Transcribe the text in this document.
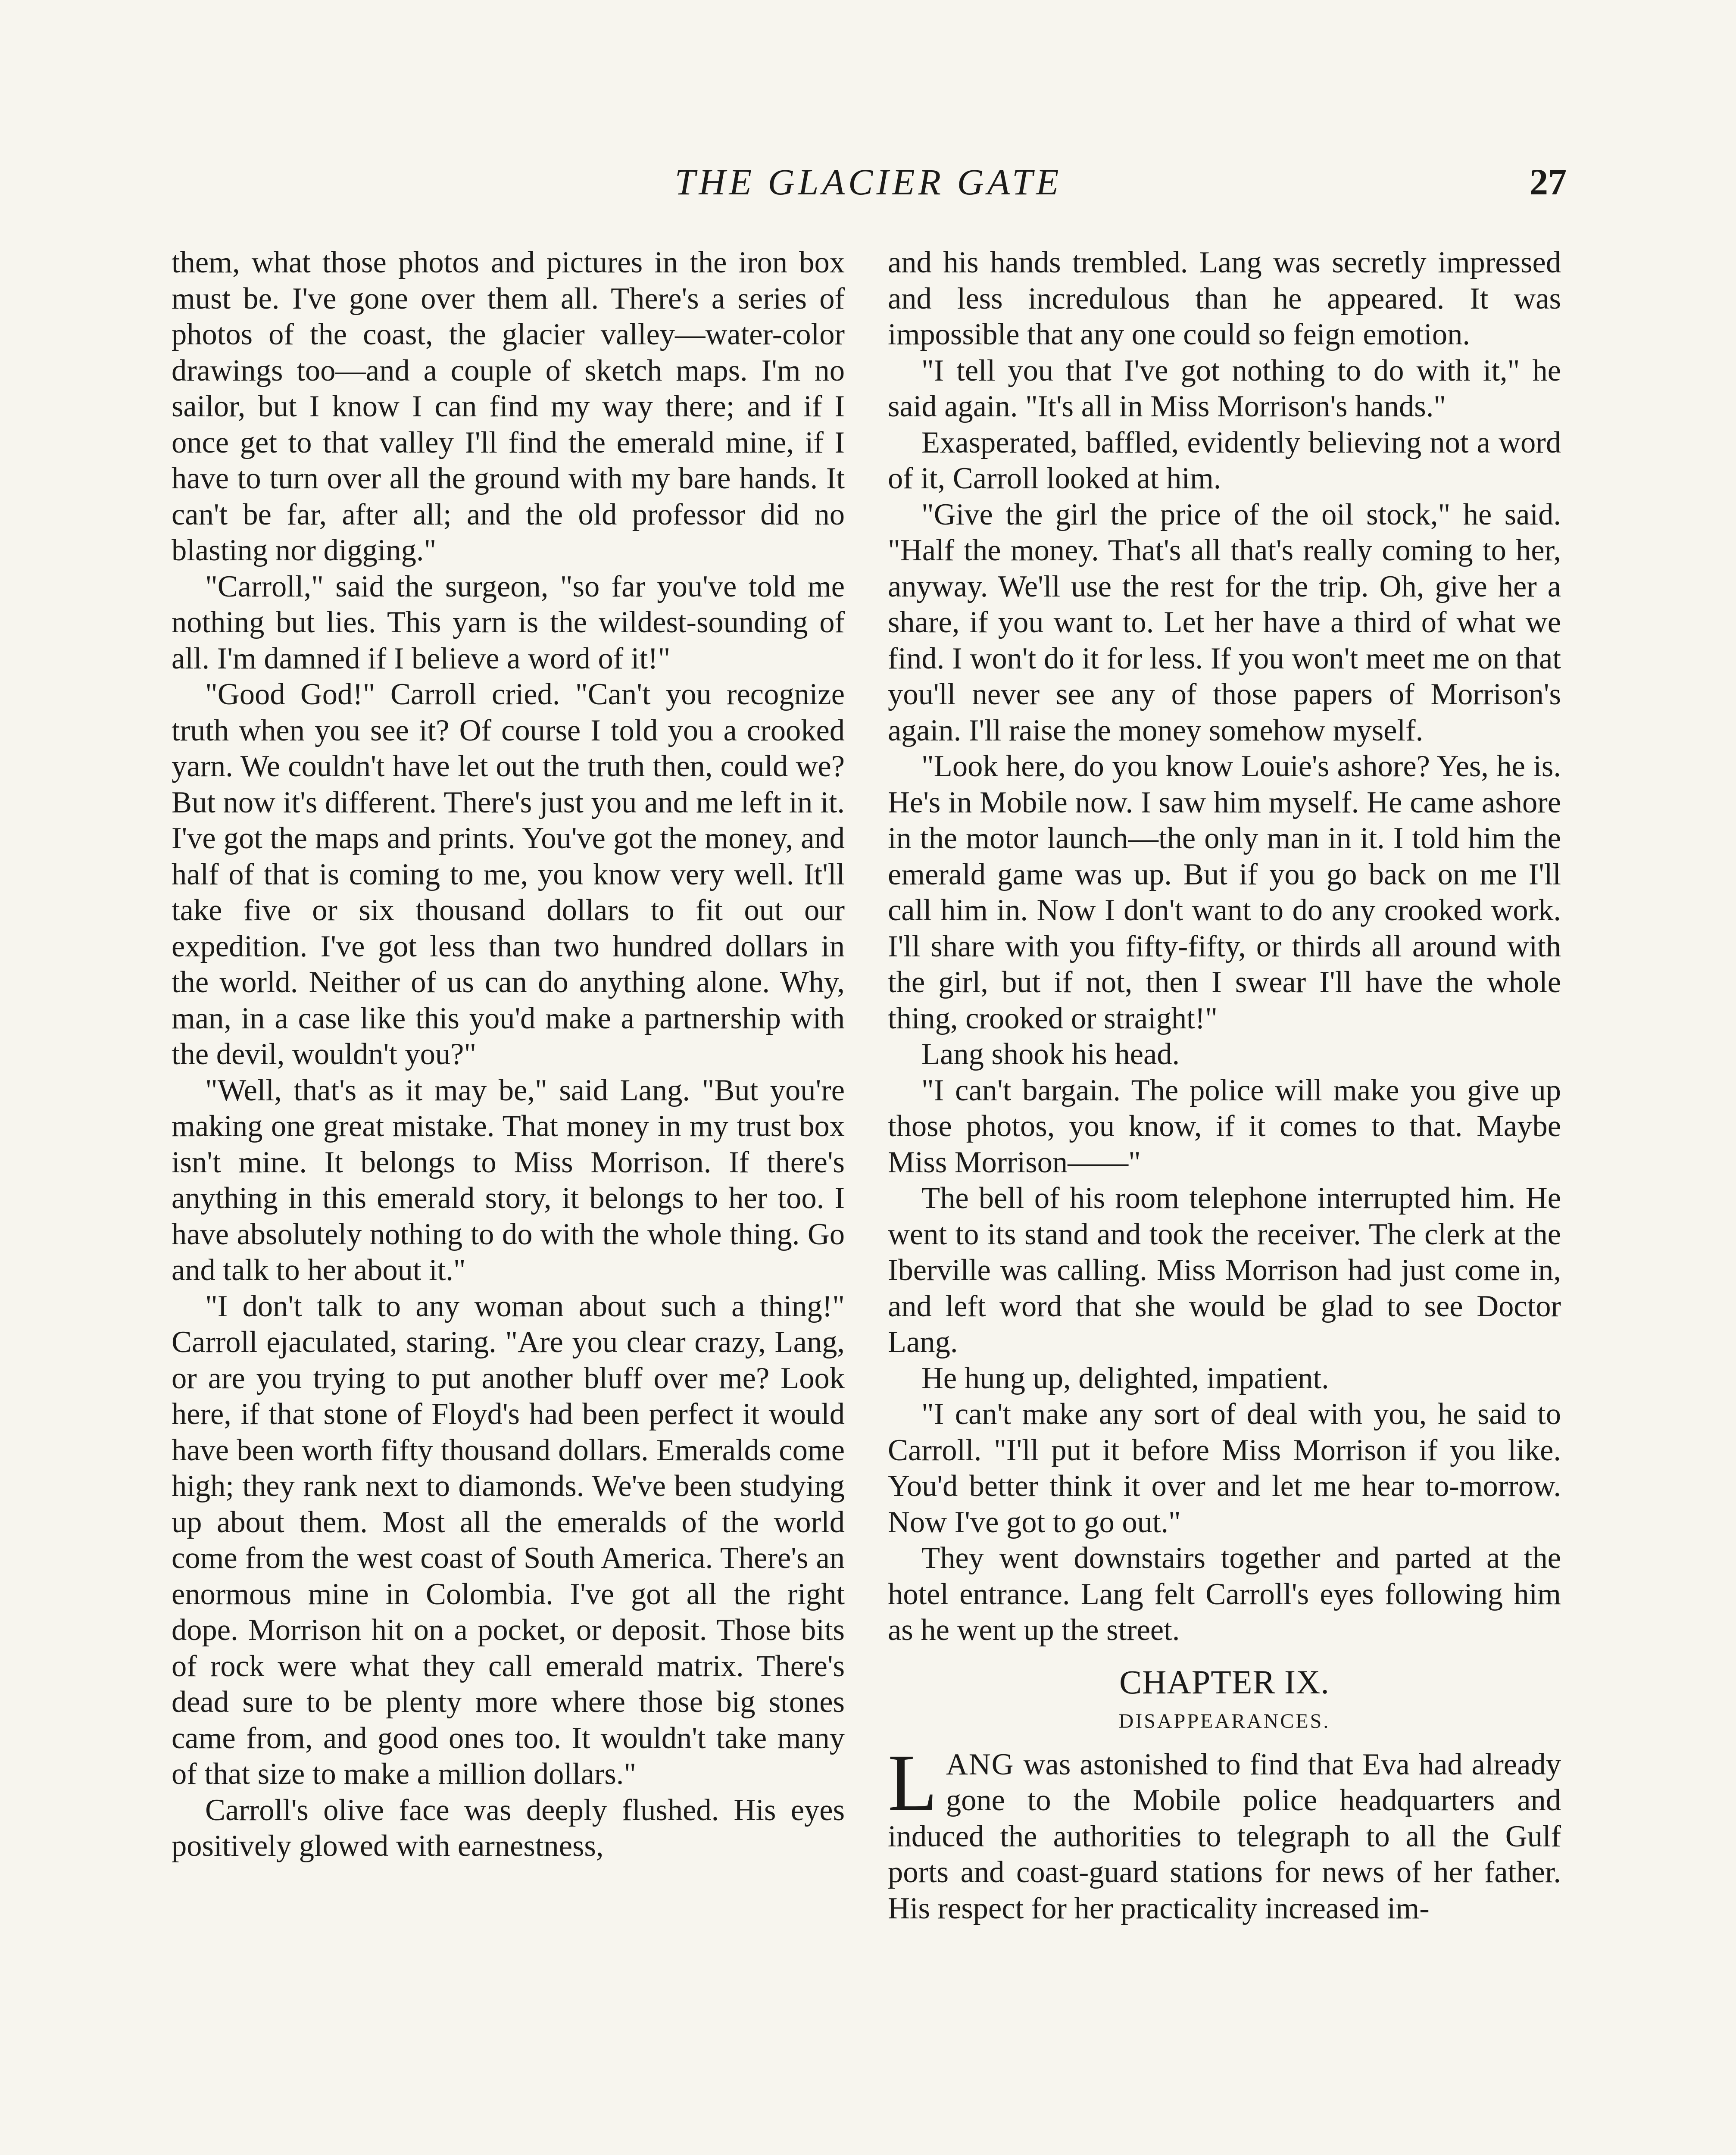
THE GLACIER GATE	27

them, what those photos and pictures in the iron box must be. I've gone over them all. There's a series of photos of the coast, the glacier valley—water-color drawings too—and a couple of sketch maps. I'm no sailor, but I know I can find my way there; and if I once get to that valley I'll find the emerald mine, if I have to turn over all the ground with my bare hands. It can't be far, after all; and the old professor did no blasting nor digging."

"Carroll," said the surgeon, "so far you've told me nothing but lies. This yarn is the wildest-sounding of all. I'm damned if I believe a word of it!"

"Good God!" Carroll cried. "Can't you recognize truth when you see it? Of course I told you a crooked yarn. We couldn't have let out the truth then, could we? But now it's different. There's just you and me left in it. I've got the maps and prints. You've got the money, and half of that is coming to me, you know very well. It'll take five or six thousand dollars to fit out our expedition. I've got less than two hundred dollars in the world. Neither of us can do anything alone. Why, man, in a case like this you'd make a partnership with the devil, wouldn't you?"

"Well, that's as it may be," said Lang. "But you're making one great mistake. That money in my trust box isn't mine. It belongs to Miss Morrison. If there's anything in this emerald story, it belongs to her too. I have absolutely nothing to do with the whole thing. Go and talk to her about it."

"I don't talk to any woman about such a thing!" Carroll ejaculated, staring. "Are you clear crazy, Lang, or are you trying to put another bluff over me? Look here, if that stone of Floyd's had been perfect it would have been worth fifty thousand dollars. Emeralds come high; they rank next to diamonds. We've been studying up about them. Most all the emeralds of the world come from the west coast of South America. There's an enormous mine in Colombia. I've got all the right dope. Morrison hit on a pocket, or deposit. Those bits of rock were what they call emerald matrix. There's dead sure to be plenty more where those big stones came from, and good ones too. It wouldn't take many of that size to make a million dollars."

Carroll's olive face was deeply flushed. His eyes positively glowed with earnestness,

and his hands trembled. Lang was secretly impressed and less incredulous than he appeared. It was impossible that any one could so feign emotion.

"I tell you that I've got nothing to do with it," he said again. "It's all in Miss Morrison's hands."

Exasperated, baffled, evidently believing not a word of it, Carroll looked at him.

"Give the girl the price of the oil stock," he said. "Half the money. That's all that's really coming to her, anyway. We'll use the rest for the trip. Oh, give her a share, if you want to. Let her have a third of what we find. I won't do it for less. If you won't meet me on that you'll never see any of those papers of Morrison's again. I'll raise the money somehow myself.

"Look here, do you know Louie's ashore? Yes, he is. He's in Mobile now. I saw him myself. He came ashore in the motor launch—the only man in it. I told him the emerald game was up. But if you go back on me I'll call him in. Now I don't want to do any crooked work. I'll share with you fifty-fifty, or thirds all around with the girl, but if not, then I swear I'll have the whole thing, crooked or straight!"

Lang shook his head.

"I can't bargain. The police will make you give up those photos, you know, if it comes to that. Maybe Miss Morrison——"

The bell of his room telephone interrupted him. He went to its stand and took the receiver. The clerk at the Iberville was calling. Miss Morrison had just come in, and left word that she would be glad to see Doctor Lang.

He hung up, delighted, impatient.

"I can't make any sort of deal with you, he said to Carroll. "I'll put it before Miss Morrison if you like. You'd better think it over and let me hear to-morrow. Now I've got to go out."

They went downstairs together and parted at the hotel entrance. Lang felt Carroll's eyes following him as he went up the street.

CHAPTER IX.
DISAPPEARANCES.

LANG was astonished to find that Eva had already gone to the Mobile police headquarters and induced the authorities to telegraph to all the Gulf ports and coast-guard stations for news of her father. His respect for her practicality increased im-
